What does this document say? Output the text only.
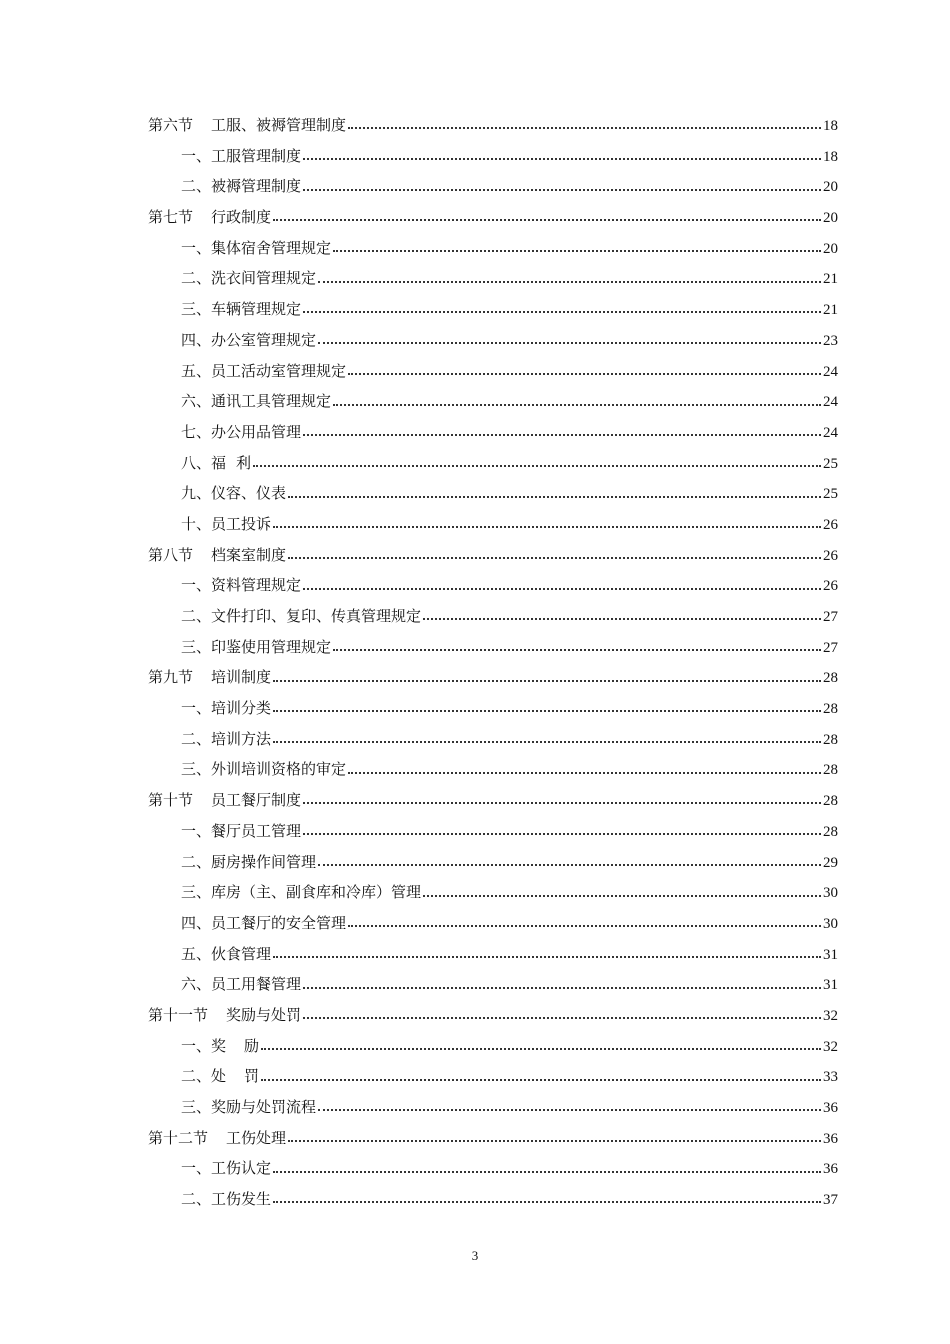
第六节 工服、被褥管理制度	18
一、工服管理制度	18
二、被褥管理制度	20
第七节 行政制度	20
一、集体宿舍管理规定	20
二、洗衣间管理规定	21
三、车辆管理规定	21
四、办公室管理规定	23
五、员工活动室管理规定	24
六、通讯工具管理规定	24
七、办公用品管理	24
八、福 利	25
九、仪容、仪表	25
十、员工投诉	26
第八节 档案室制度	26
一、资料管理规定	26
二、文件打印、复印、传真管理规定	27
三、印鉴使用管理规定	27
第九节 培训制度	28
一、培训分类	28
二、培训方法	28
三、外训培训资格的审定	28
第十节 员工餐厅制度	28
一、餐厅员工管理	28
二、厨房操作间管理	29
三、库房（主、副食库和冷库）管理	30
四、员工餐厅的安全管理	30
五、伙食管理	31
六、员工用餐管理	31
第十一节 奖励与处罚	32
一、奖 励	32
二、处 罚	33
三、奖励与处罚流程	36
第十二节 工伤处理	36
一、工伤认定	36
二、工伤发生	37
3
